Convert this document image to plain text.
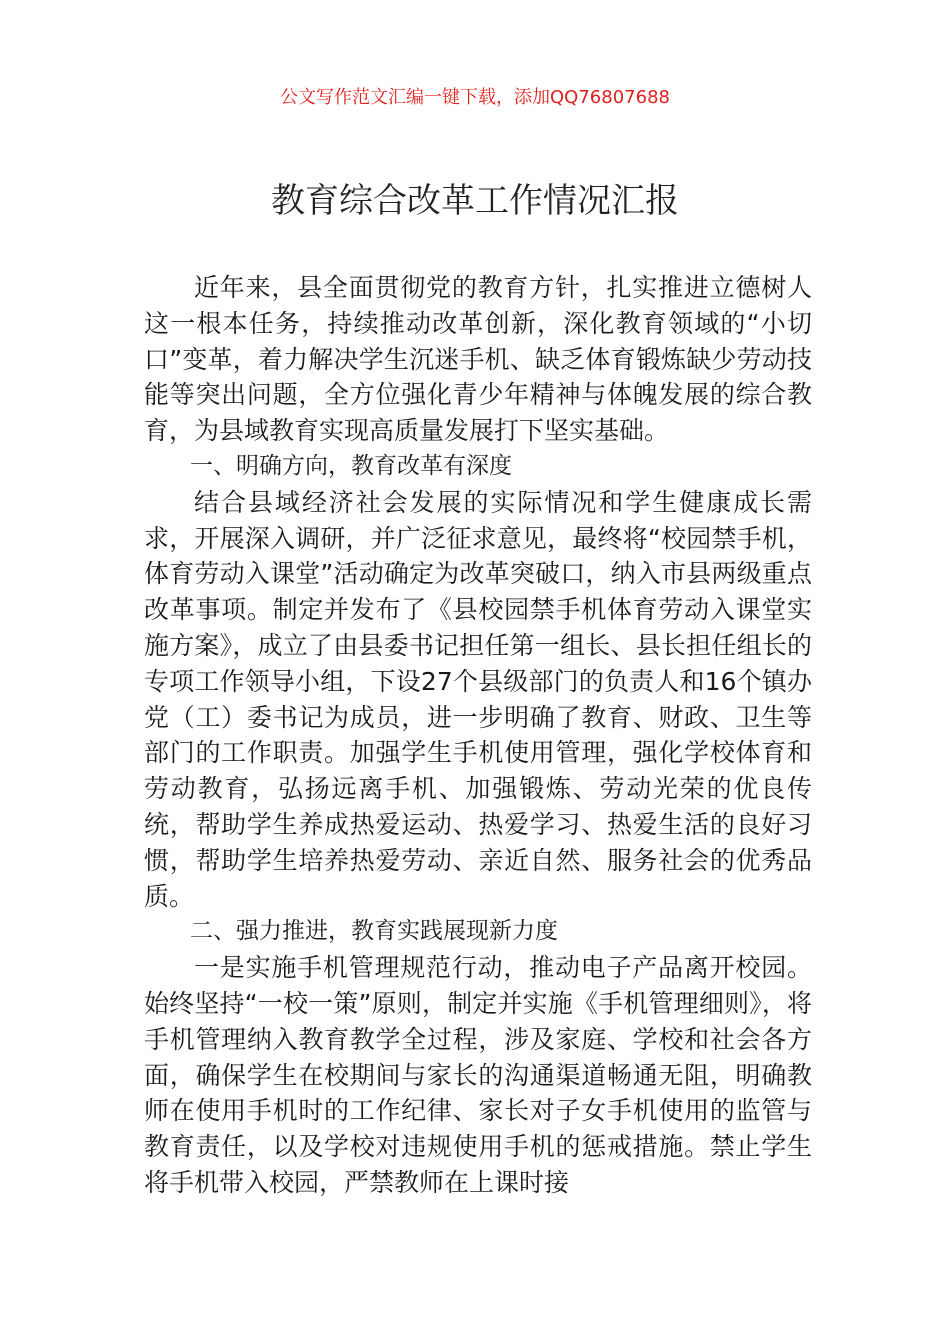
公文写作范文汇编一键下载，添加QQ76807688
教育综合改革工作情况汇报

近年来，县全面贯彻党的教育方针，扎实推进立德树人这一根本任务，持续推动改革创新，深化教育领域的“小切口”变革，着力解决学生沉迷手机、缺乏体育锻炼缺少劳动技能等突出问题，全方位强化青少年精神与体魄发展的综合教育，为县域教育实现高质量发展打下坚实基础。

一、明确方向，教育改革有深度

结合县域经济社会发展的实际情况和学生健康成长需求，开展深入调研，并广泛征求意见，最终将“校园禁手机，体育劳动入课堂”活动确定为改革突破口，纳入市县两级重点改革事项。制定并发布了《县校园禁手机体育劳动入课堂实施方案》，成立了由县委书记担任第一组长、县长担任组长的专项工作领导小组，下设27个县级部门的负责人和16个镇办党（工）委书记为成员，进一步明确了教育、财政、卫生等部门的工作职责。加强学生手机使用管理，强化学校体育和劳动教育，弘扬远离手机、加强锻炼、劳动光荣的优良传统，帮助学生养成热爱运动、热爱学习、热爱生活的良好习惯，帮助学生培养热爱劳动、亲近自然、服务社会的优秀品质。

二、强力推进，教育实践展现新力度

一是实施手机管理规范行动，推动电子产品离开校园。始终坚持“一校一策”原则，制定并实施《手机管理细则》，将手机管理纳入教育教学全过程，涉及家庭、学校和社会各方面，确保学生在校期间与家长的沟通渠道畅通无阻，明确教师在使用手机时的工作纪律、家长对子女手机使用的监管与教育责任，以及学校对违规使用手机的惩戒措施。禁止学生将手机带入校园，严禁教师在上课时接
